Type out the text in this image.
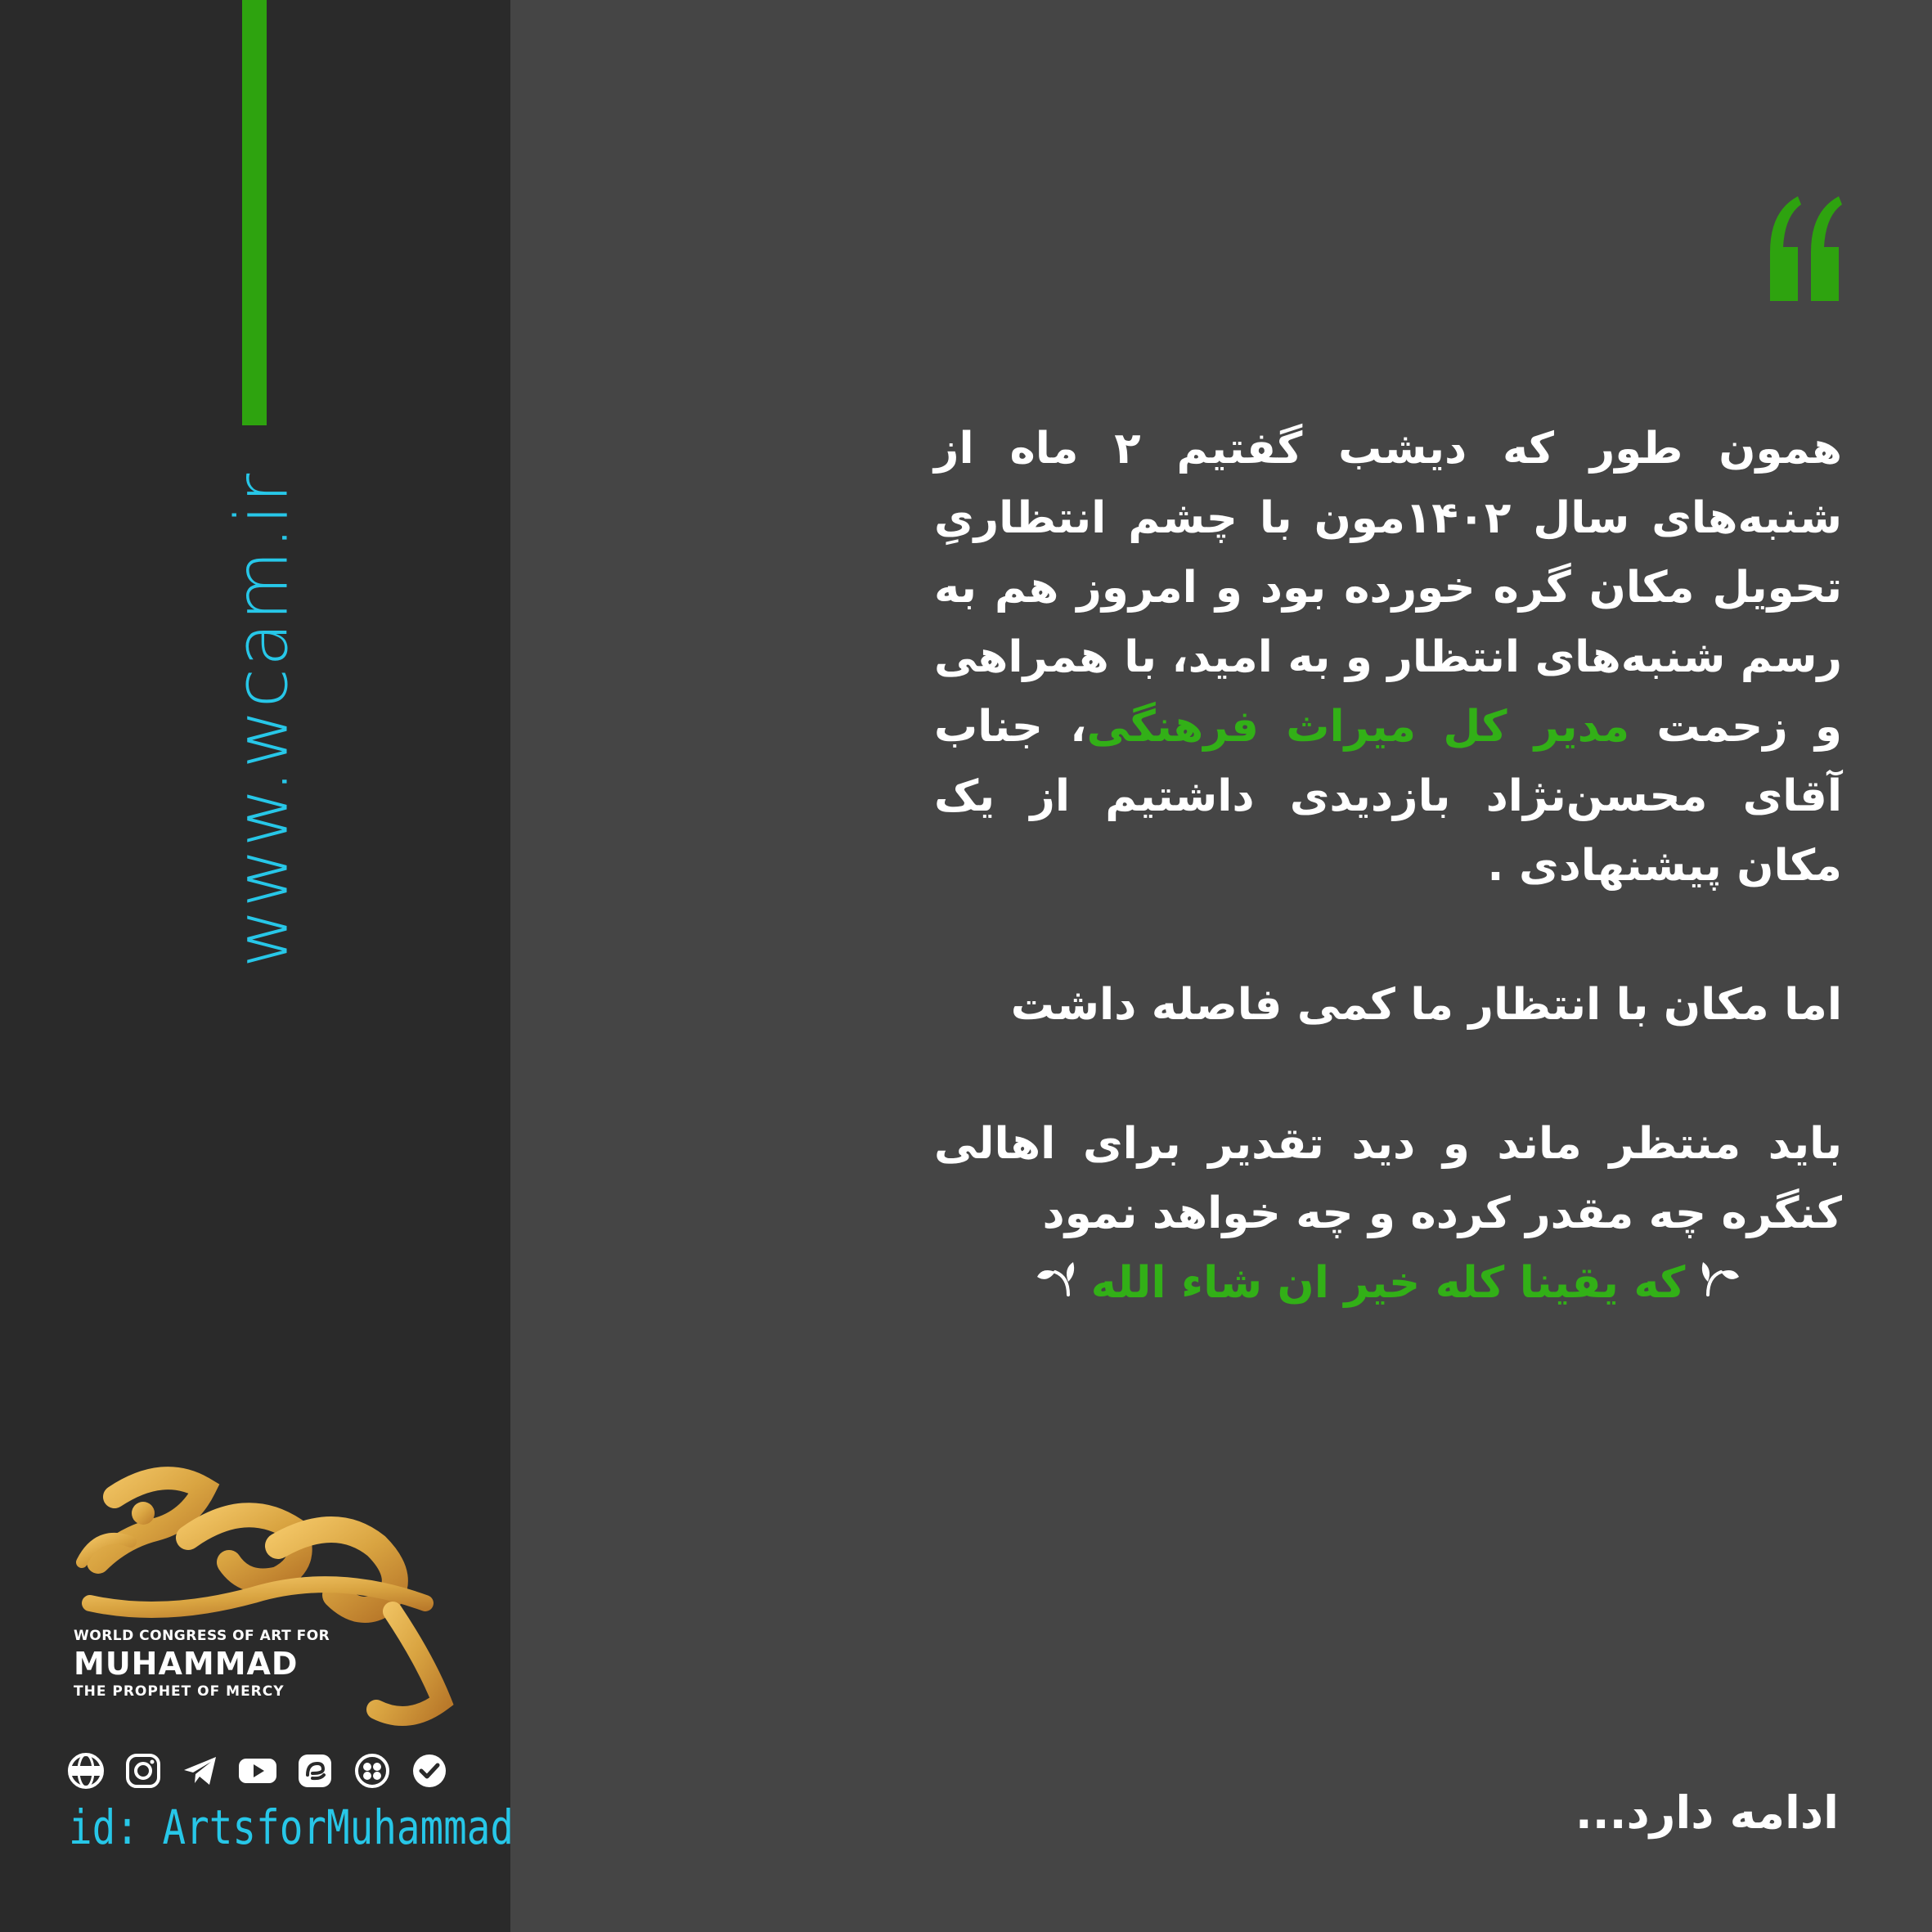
www.wcam.ir
WORLD CONGRESS OF ART FOR
MUHAMMAD
THE PROPHET OF MERCY
id: ArtsforMuhammad

همون طور که دیشب گفتیم ۲ ماه از شنبه‌های سال ۱۴۰۲مون با چشم انتظاریِ تحویل مکان گره خورده بود و امروز هم به رسم شنبه‌های انتظار و به امید، با همراهی و زحمت مدیر کل میراث فرهنگی، جناب آقای محسن‌نژاد بازدیدی داشتیم از یک مکان پیشنهادی .

اما مکان با انتظار ما کمی فاصله داشت

باید منتظر ماند و دید تقدیر برای اهالی کنگره چه مقدر کرده و چه خواهد نمود

که یقینا کله خیر ان شاء الله

ادامه دارد...
